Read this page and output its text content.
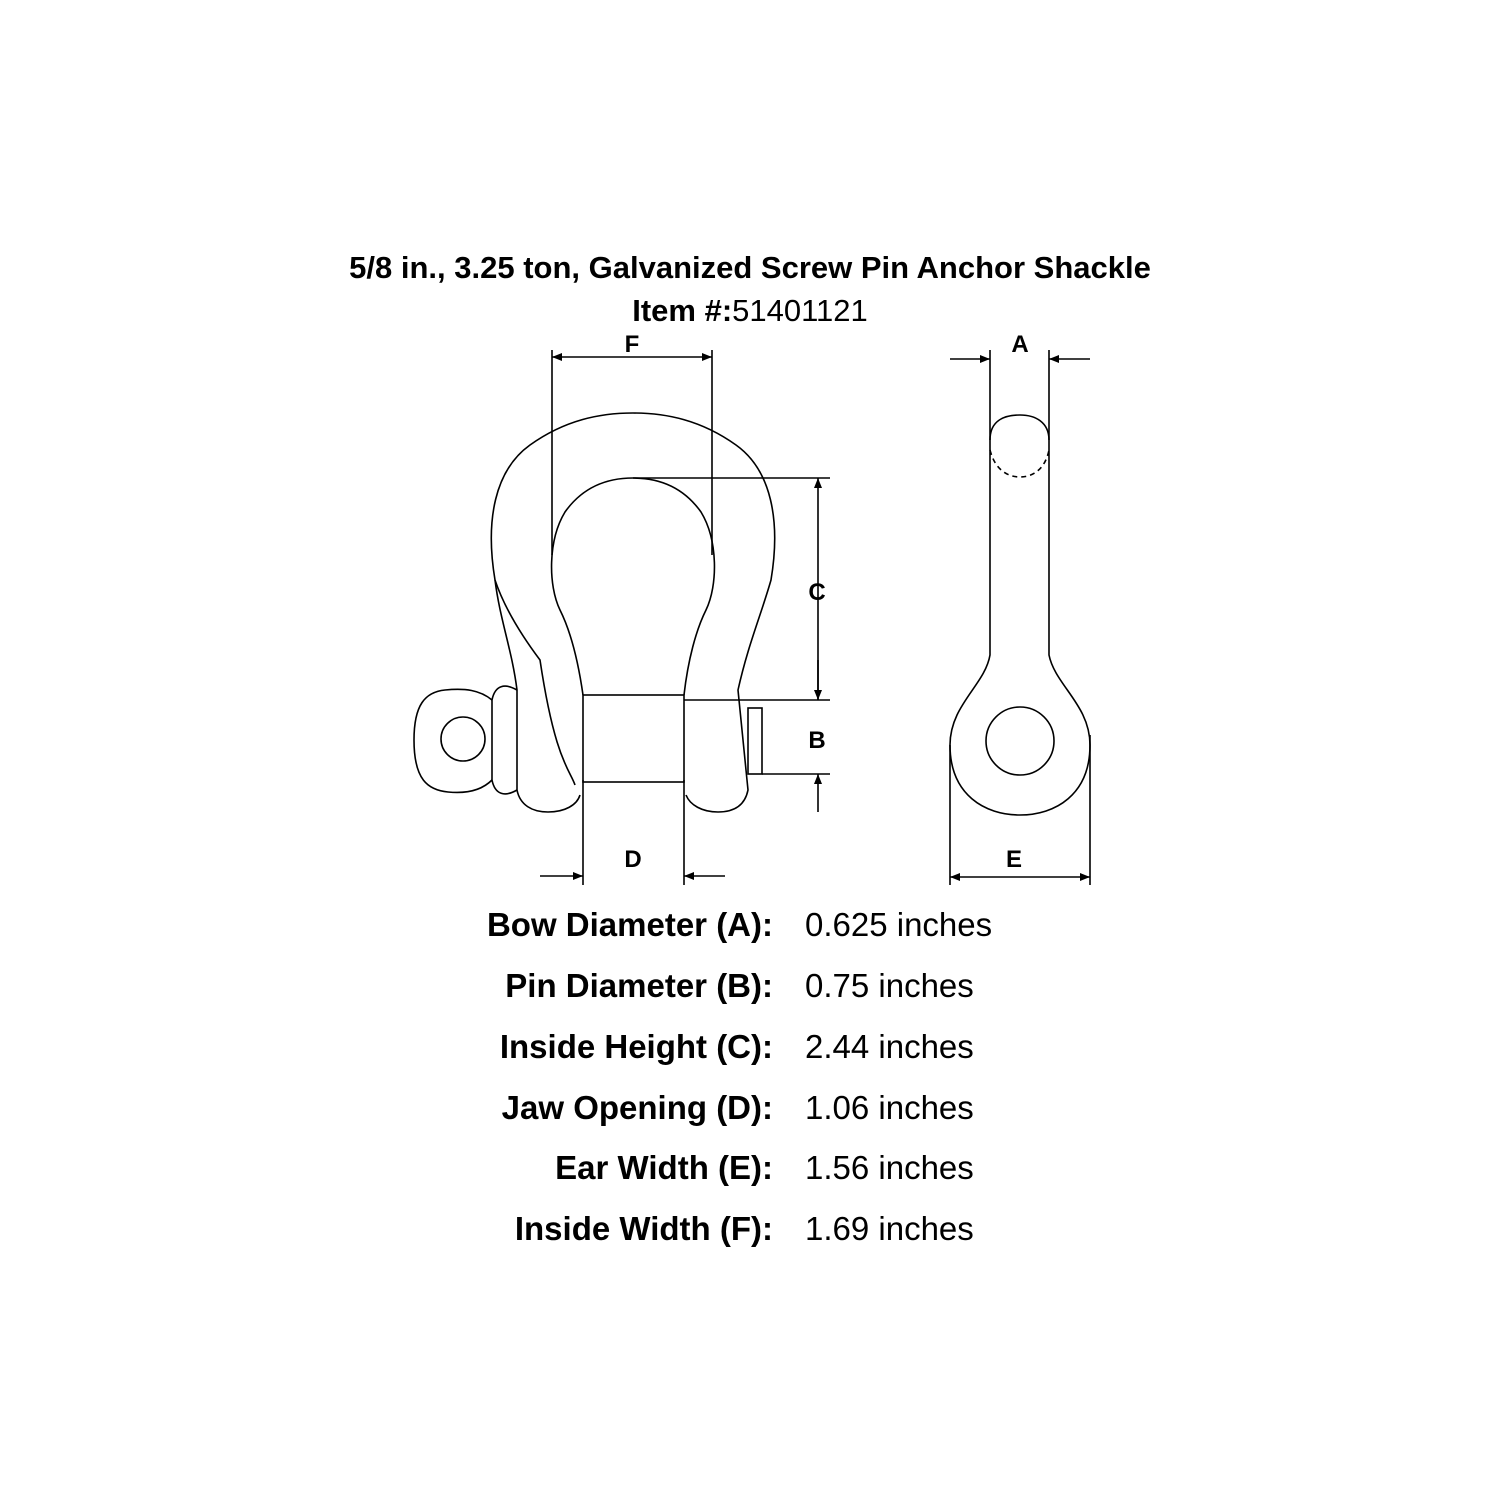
5/8 in., 3.25 ton, Galvanized Screw Pin Anchor Shackle
Item #:51401121
F	A
C
B
D	E
Bow Diameter (A): 0.625 inches
Pin Diameter (B): 0.75 inches
Inside Height (C): 2.44 inches
Jaw Opening (D): 1.06 inches
Ear Width (E): 1.56 inches
Inside Width (F): 1.69 inches
